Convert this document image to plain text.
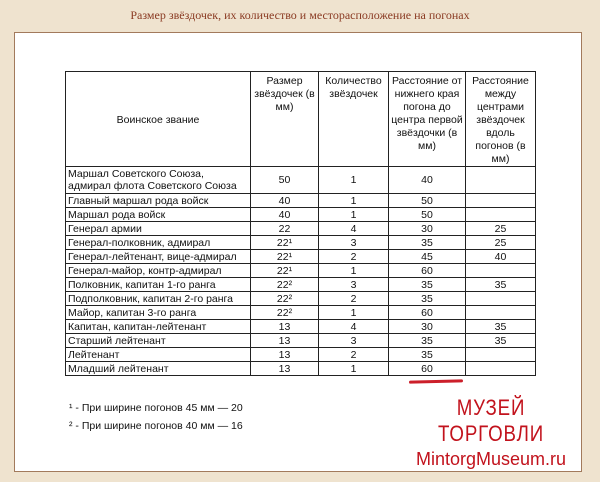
Размер звёздочек, их количество и месторасположение на погонах
Воинское звание	Размер звёздочек (в мм)	Количество звёздочек	Расстояние от нижнего края погона до центра первой звёздочки (в мм)	Расстояние между центрами звёздочек вдоль погонов (в мм)
Маршал Советского Союза, адмирал флота Советского Союза	50	1	40	
Главный маршал рода войск	40	1	50	
Маршал рода войск	40	1	50	
Генерал армии	22	4	30	25
Генерал-полковник, адмирал	22¹	3	35	25
Генерал-лейтенант, вице-адмирал	22¹	2	45	40
Генерал-майор, контр-адмирал	22¹	1	60	
Полковник, капитан 1-го ранга	22²	3	35	35
Подполковник, капитан 2-го ранга	22²	2	35	
Майор, капитан 3-го ранга	22²	1	60	
Капитан, капитан-лейтенант	13	4	30	35
Старший лейтенант	13	3	35	35
Лейтенант	13	2	35	
Младший лейтенант	13	1	60	
¹ - При ширине погонов 45 мм — 20
² - При ширине погонов 40 мм — 16
МУЗЕЙ ТОРГОВЛИ
MintorgMuseum.ru
